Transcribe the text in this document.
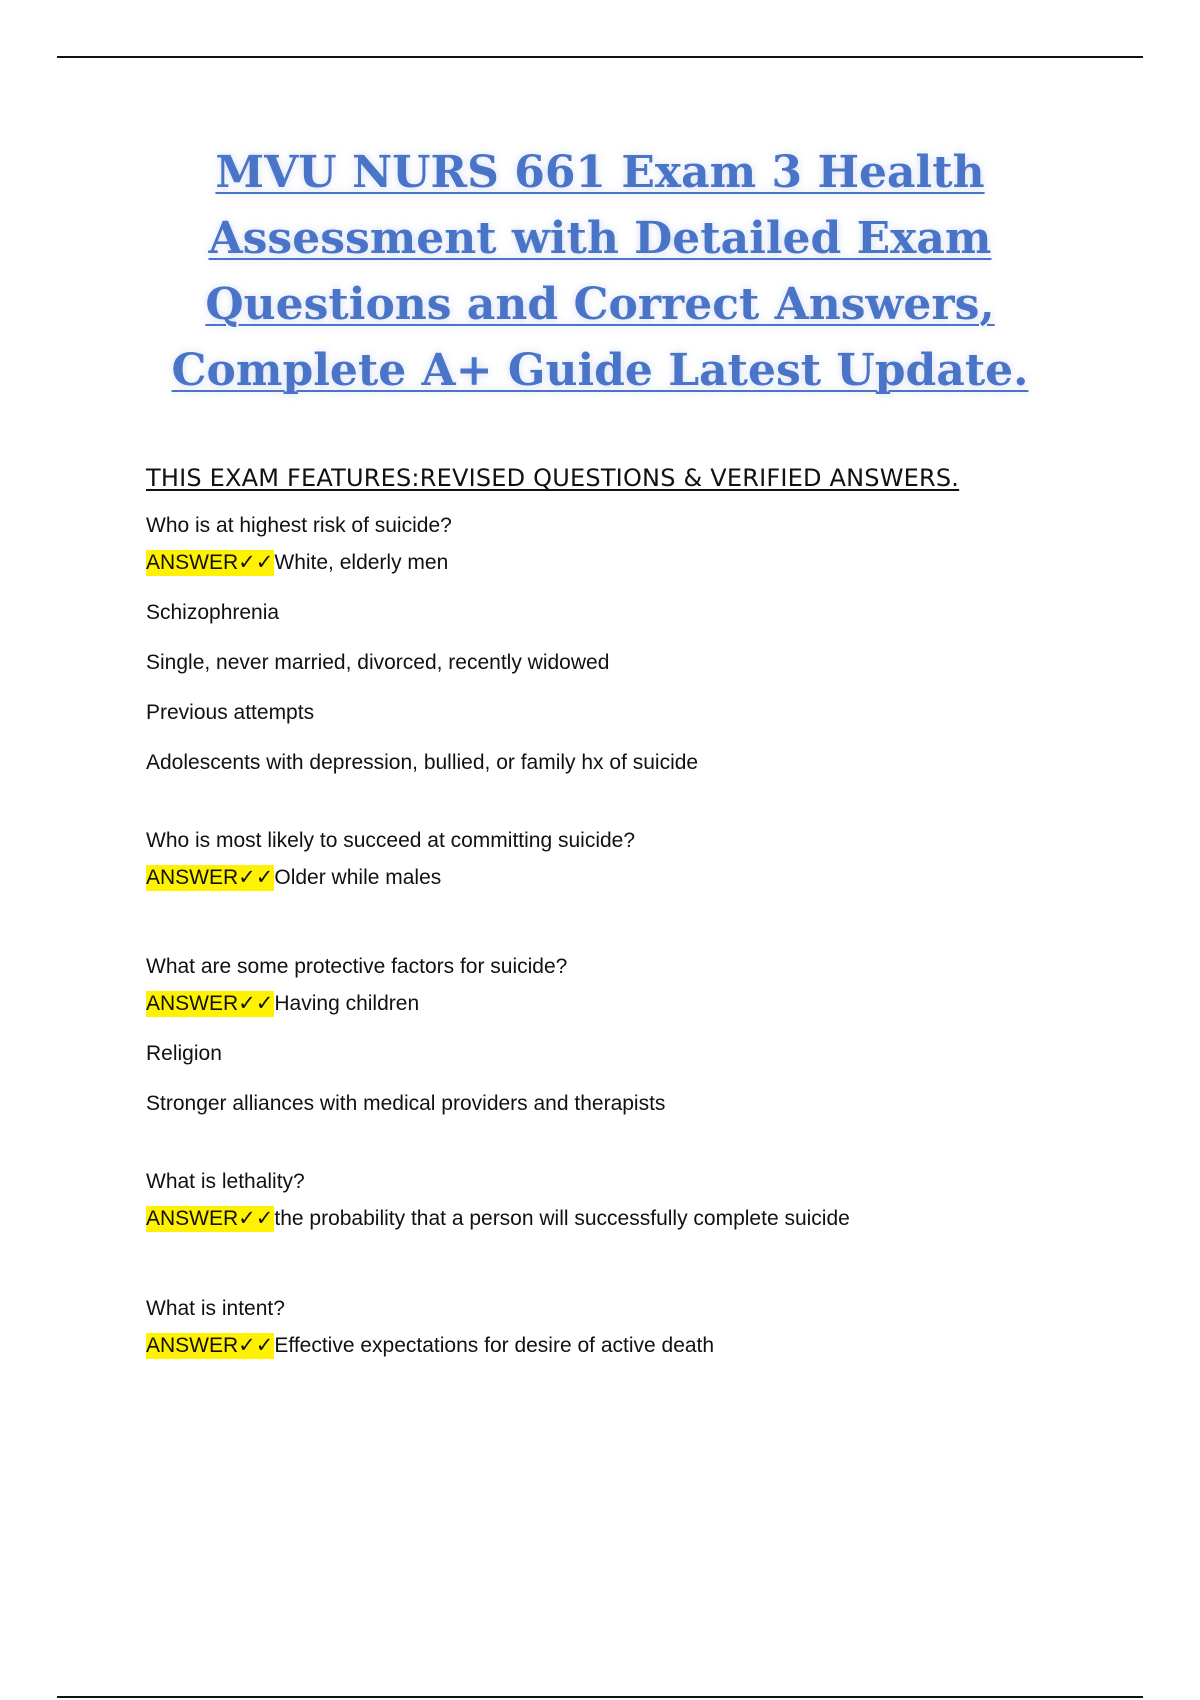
MVU NURS 661 Exam 3 Health Assessment with Detailed Exam Questions and Correct Answers, Complete A+ Guide Latest Update.

THIS EXAM FEATURES:REVISED QUESTIONS & VERIFIED ANSWERS.

Who is at highest risk of suicide?

ANSWER✓✓White, elderly men

Schizophrenia

Single, never married, divorced, recently widowed

Previous attempts

Adolescents with depression, bullied, or family hx of suicide

Who is most likely to succeed at committing suicide?

ANSWER✓✓Older while males

What are some protective factors for suicide?

ANSWER✓✓Having children

Religion

Stronger alliances with medical providers and therapists

What is lethality?

ANSWER✓✓the probability that a person will successfully complete suicide

What is intent?

ANSWER✓✓Effective expectations for desire of active death
